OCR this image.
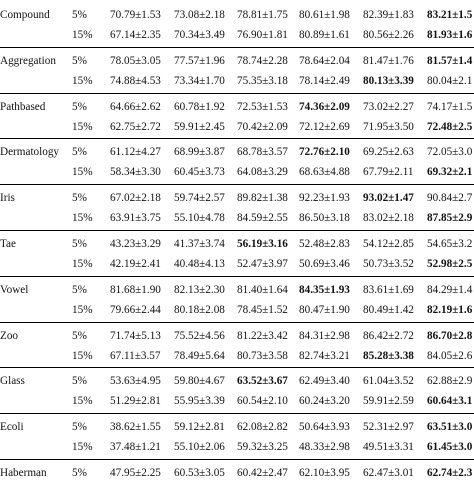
Compound 5% 70.79±1.53 73.08±2.18 78.81±1.75 80.61±1.98 82.39±1.83 83.21±1.5
15% 67.14±2.35 70.34±3.49 76.90±1.81 80.89±1.61 80.56±2.26 81.93±1.6
Aggregation 5% 78.05±3.05 77.57±1.96 78.74±2.28 78.64±2.04 81.47±1.76 81.57±1.4
15% 74.88±4.53 73.34±1.70 75.35±3.18 78.14±2.49 80.13±3.39 80.04±2.1
Pathbased 5% 64.66±2.62 60.78±1.92 72.53±1.53 74.36±2.09 73.02±2.27 74.17±1.5
15% 62.75±2.72 59.91±2.45 70.42±2.09 72.12±2.69 71.95±3.50 72.48±2.5
Dermatology 5% 61.12±4.27 68.99±3.87 68.78±3.57 72.76±2.10 69.25±2.63 72.05±3.0
15% 58.34±3.30 60.45±3.73 64.08±3.29 68.63±4.88 67.79±2.11 69.32±2.1
Iris	5% 67.02±2.18 59.74±2.57 89.82±1.38 92.23±1.93 93.02±1.47 90.84±2.7
15% 63.91±3.75 55.10±4.78 84.59±2.55 86.50±3.18 83.02±2.18 87.85±2.9
Tae	5% 43.23±3.29 41.37±3.74 56.19±3.16 52.48±2.83 54.12±2.85 54.65±3.2
15% 42.19±2.41 40.48±4.13 52.47±3.97 50.69±3.46 50.73±3.52 52.98±2.5
Vowel	5% 81.68±1.90 82.13±2.30 81.40±1.64 84.35±1.93 83.61±1.69 84.29±1.4
15% 79.66±2.44 80.18±2.08 78.45±1.52 80.47±1.90 80.49±1.42 82.19±1.6
Zoo	5% 71.74±5.13 75.52±4.56 81.22±3.42 84.31±2.98 86.42±2.72 86.70±2.8
15% 67.11±3.57 78.49±5.64 80.73±3.58 82.74±3.21 85.28±3.38 84.05±2.6
Glass	5% 53.63±4.95 59.80±4.67 63.52±3.67 62.49±3.40 61.04±3.52 62.88±2.9
15% 51.29±2.81 55.95±3.39 60.54±2.10 60.24±3.20 59.91±2.59 60.64±3.1
Ecoli	5% 38.62±1.55 59.12±2.81 62.08±2.82 50.64±3.93 52.31±2.97 63.51±3.0
15% 37.48±1.21 55.10±2.06 59.32±3.25 48.33±2.98 49.51±3.31 61.45±3.0
Haberman 5% 47.95±2.25 60.53±3.05 60.42±2.47 62.10±3.95 62.47±3.01 62.74±2.3
